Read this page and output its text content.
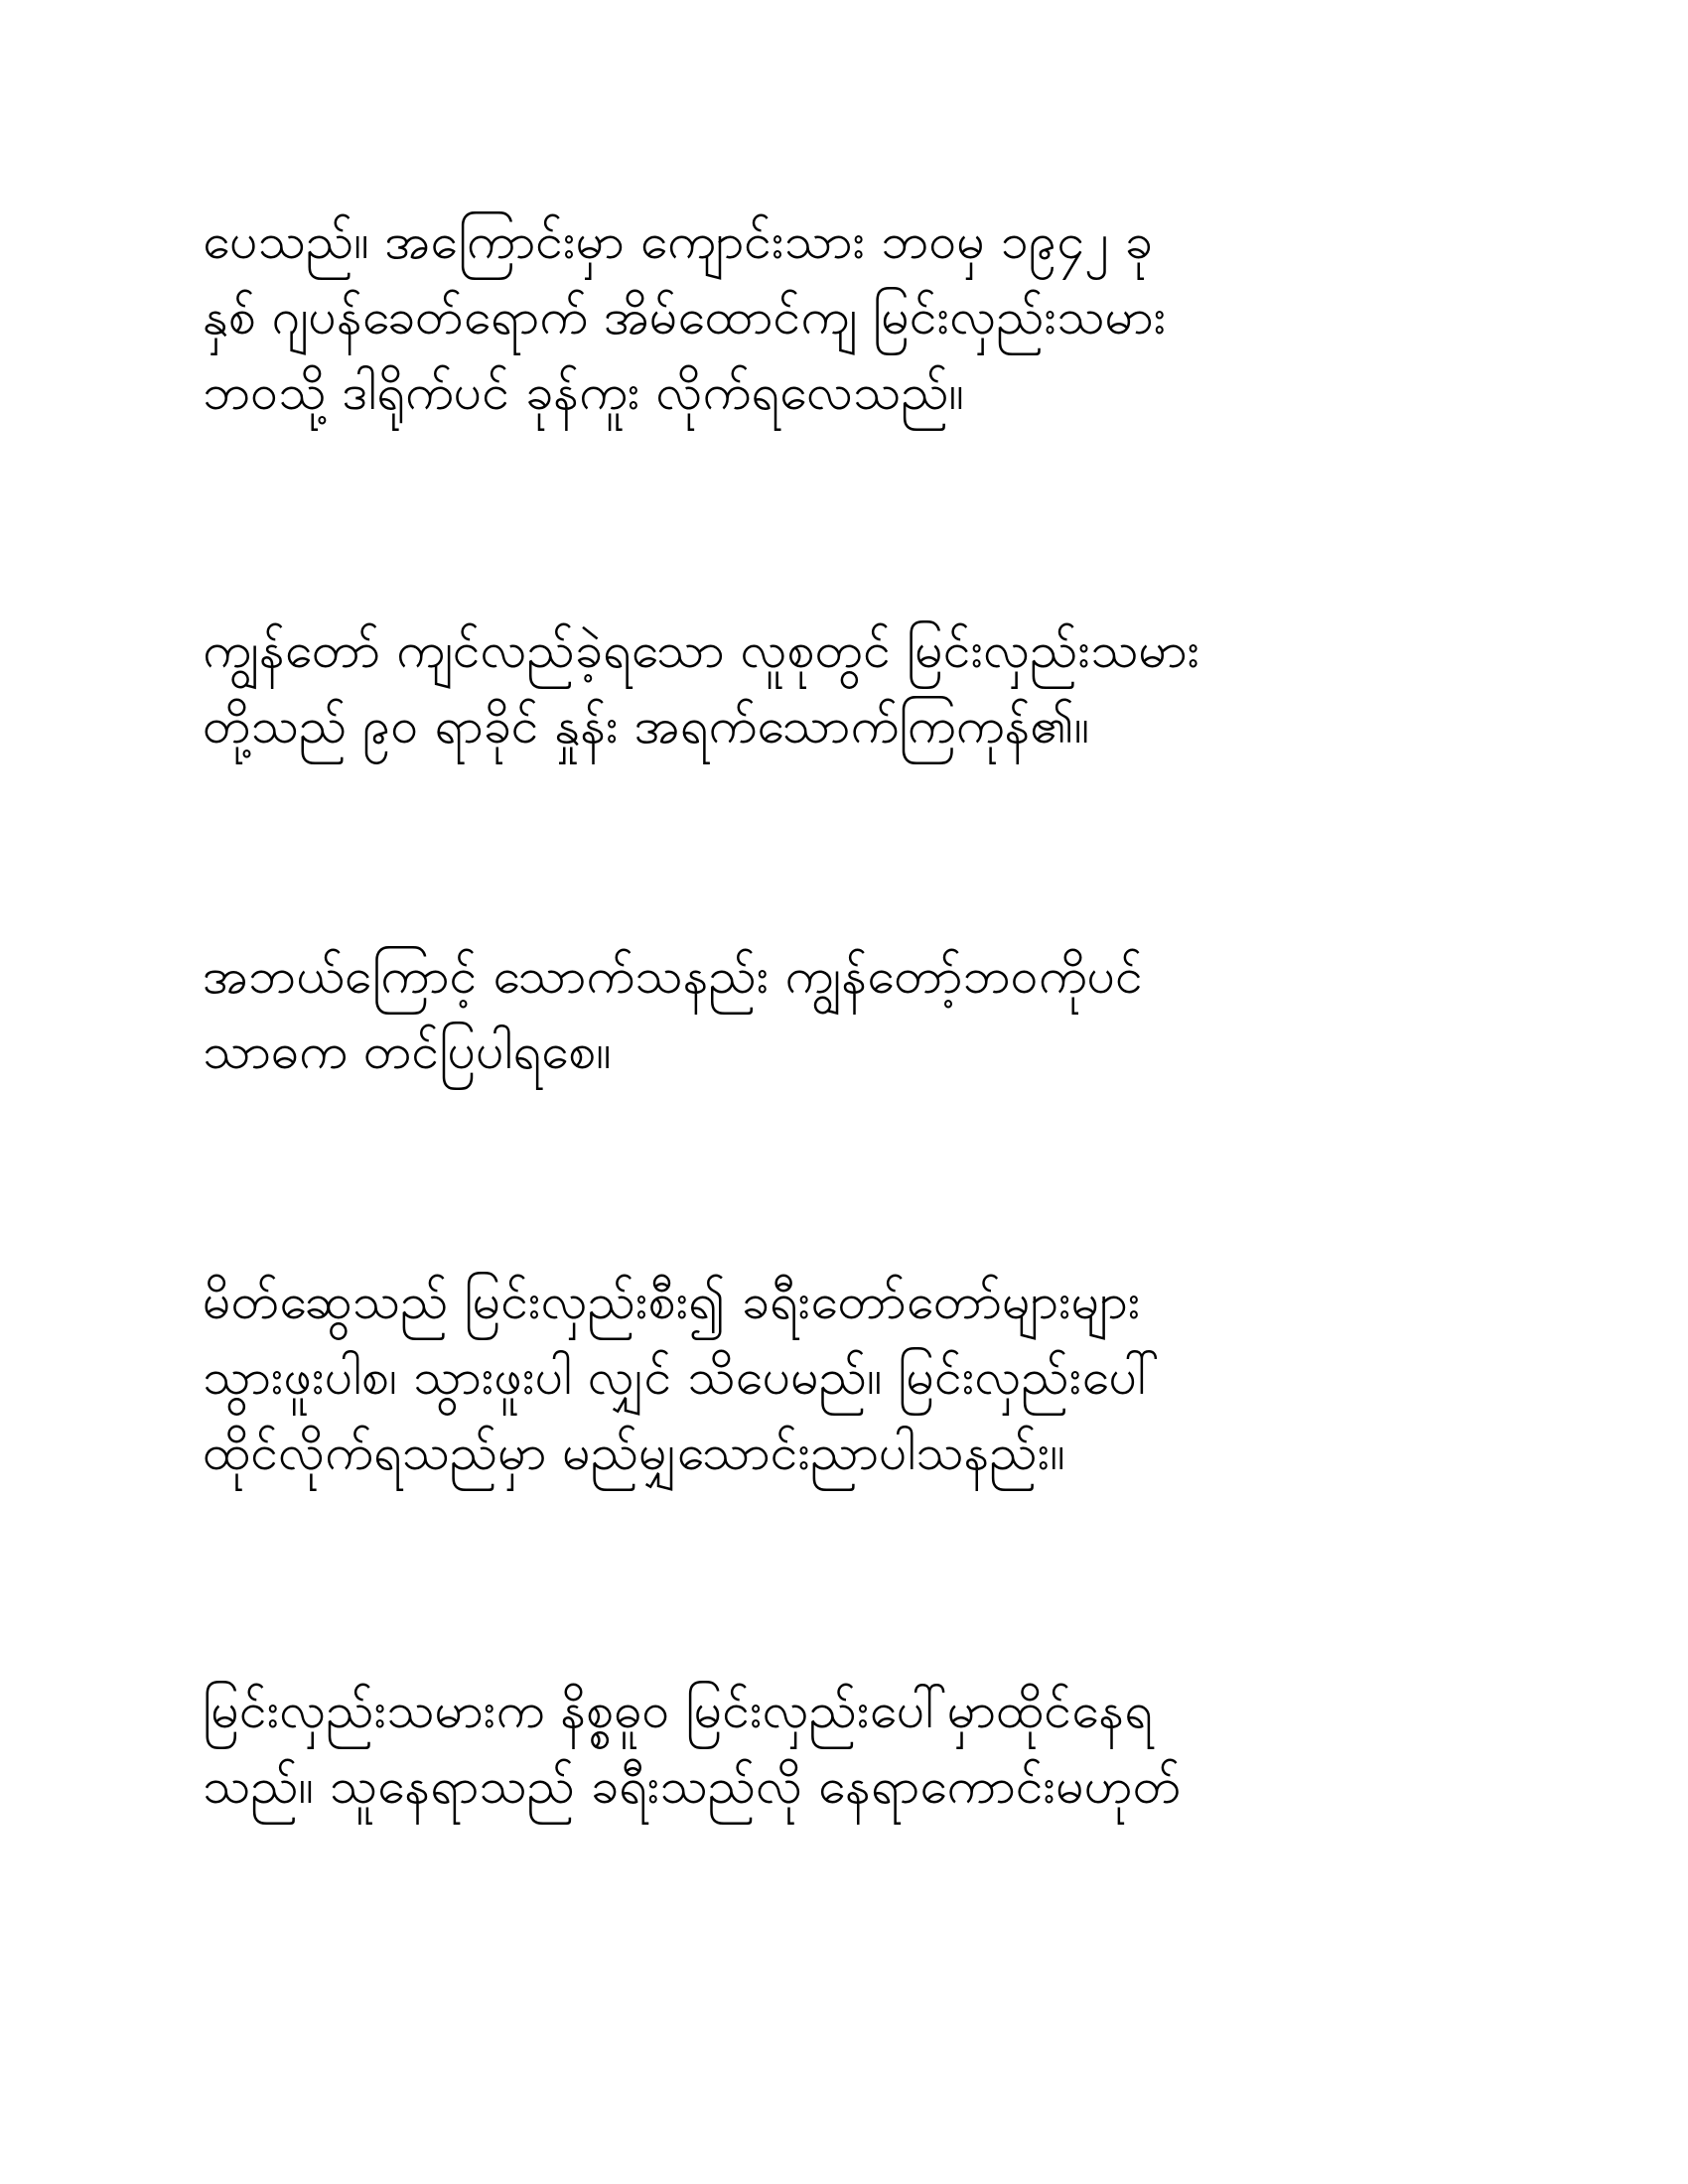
ပေသည်။ အကြောင်းမှာ ကျောင်းသား ဘဝမှ ၁၉၄၂ ခု
နှစ် ဂျပန်ခေတ်ရောက် အိမ်ထောင်ကျ မြင်းလှည်းသမား
ဘဝသို့ ဒါရိုက်ပင် ခုန်ကူး လိုက်ရလေသည်။
ကျွန်တော် ကျင်လည်ခဲ့ရသော လူစုတွင် မြင်းလှည်းသမား
တို့သည် ၉၀ ရာခိုင် နှုန်း အရက်သောက်ကြကုန်၏။
အဘယ်ကြောင့် သောက်သနည်း ကျွန်တော့်ဘဝကိုပင်
သာဓက တင်ပြပါရစေ။
မိတ်ဆွေသည် မြင်းလှည်းစီး၍ ခရီးတော်တော်များများ
သွားဖူးပါစ၊ သွားဖူးပါ လျှင် သိပေမည်။ မြင်းလှည်းပေါ်
ထိုင်လိုက်ရသည်မှာ မည်မျှသောင်းညာပါသနည်း။
မြင်းလှည်းသမားက နိစ္စဓူဝ မြင်းလှည်းပေါ်မှာထိုင်နေရ
သည်။ သူနေရာသည် ခရီးသည်လို နေရာကောင်းမဟုတ်
